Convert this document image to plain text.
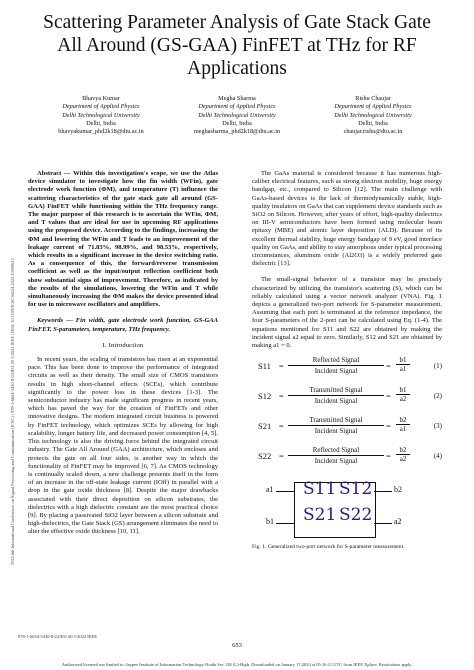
2022 6th International Conference on Signal Processing and Communication (ICSC) | 978-1-6654-5430-8/22/$31.00 ©2022 IEEE | DOI: 10.1109/ICSC56524.2022.10009615
Scattering Parameter Analysis of Gate Stack Gate All Around (GS-GAA) FinFET at THz for RF Applications
Bhavya Kumar
Department of Applied Physics
Delhi Technological University
Delhi, India
bhavyakumar_phd2k18@dtu.ac.in
Megha Sharma
Department of Applied Physics
Delhi Technological University
Delhi, India
meghasharma_phd2k18@dtu.ac.in
Rishu Chaujar
Department of Applied Physics
Delhi Technological University
Delhi, India
chaujar.rishu@dtu.ac.in

Abstract — Within this investigation's scope, we use the Atlas device simulator to investigate how the fin width (WFin), gate electrode work function (ΦM), and temperature (T) influence the scattering characteristics of the gate stack gate all around (GS-GAA) FinFET while functioning within the THz frequency range. The major purpose of this research is to ascertain the WFin, ΦM, and T values that are ideal for use in upcoming RF applications using the proposed device. According to the findings, increasing the ΦM and lowering the WFin and T leads to an improvement of the leakage current of 71.83%, 98.99%, and 98.53%, respectively, which results in a significant increase in the device switching ratio. As a consequence of this, the forward/reverse transmission coefficient as well as the input/output reflection coefficient both show substantial signs of improvement. Therefore, as indicated by the results of the simulations, lowering the WFin and T while simultaneously increasing the ΦM makes the device presented ideal for use in microwave oscillators and amplifiers.

Keywords — Fin width, gate electrode work function, GS-GAA FinFET, S-parameters, temperature, THz frequency.

I. Introduction

In recent years, the scaling of transistors has risen at an exponential pace. This has been done to improve the performance of integrated circuits as well as their density. The small size of CMOS transistors results in high short-channel effects (SCEs), which contribute significantly to the power loss in these devices [1-3]. The semiconductor industry has made significant progress in recent years, which has paved the way for the creation of FinFETs and other innovative designs. The modern integrated circuit business is powered by FinFET technology, which optimizes SCEs by allowing for high scalability, longer battery life, and decreased power consumption [4, 5]. This technology is also the driving force behind the integrated circuit industry. The Gate All Around (GAA) architecture, which encloses and protects the gate on all four sides, is another way in which the functionality of FinFET may be improved [6, 7]. As CMOS technology is continually scaled down, a new challenge presents itself in the form of an increase in the off-state leakage current (IOff) in parallel with a drop in the gate oxide thickness [8]. Despite the major drawbacks associated with their direct deposition on silicon substrates, the dielectrics with a high dielectric constant are the most practical choice [9]. By placing a passivated SiO2 layer between a silicon substrate and high-dielectrics, the Gate Stack (GS) arrangement eliminates the need to alter the effective oxide thickness [10, 11].

The GaAs material is considered because it has numerous high-caliber electrical features, such as strong electron mobility, huge energy bandgap, etc., compared to Silicon [12]. The main challenge with GaAs-based devices is the lack of thermodynamically stable, high-quality insulators on GaAs that can supplement device standards such as SiO2 on Silicon. However, after years of effort, high-quality dielectrics on III-V semiconductors have been formed using molecular beam epitaxy (MBE) and atomic layer deposition (ALD). Because of its excellent thermal stability, huge energy bandgap of 9 eV, good interface quality on GaAs, and ability to stay amorphous under typical processing circumstances, aluminum oxide (Al2O3) is a widely preferred gate dielectric [13].

The small-signal behavior of a transistor may be precisely characterized by utilizing the transistor's scattering (S), which can be reliably calculated using a vector network analyzer (VNA). Fig. 1 depicts a generalized two-port network for S-parameter measurement. Assuming that each port is terminated at the reference impedance, the four S-parameters of the 2-port can be calculated using Eq. (1-4). The equations mentioned for S11 and S22 are obtained by making the incident signal a2 equal to zero. Similarly, S12 and S21 are obtained by making a1 = 0.

S11 =
Reflected Signal
Incident Signal
= $\frac{b1}{a1}$	(1)
S12 =
Transmitted Signal
Incident Signal
= $\frac{b1}{a2}$	(2)
S21 =
Transmitted Signal
Incident Signal
= $\frac{b2}{a1}$	(3)
S22 =
Reflected Signal
Incident Signal
= $\frac{b2}{a2}$	(4)
a1
b1
S11 S12
S21 S22
b2
a2
Fig. 1. Generalized two-port network for S-parameter measurement.
978-1-6654-5430-8/22/$31.00 ©2022 IEEE
653
Authorized licensed use limited to: Jaypee Institute of Information Technology-Noida Sec 128 (L)-High. Downloaded on January 17,2023 at 05:16:11 UTC from IEEE Xplore. Restrictions apply.
